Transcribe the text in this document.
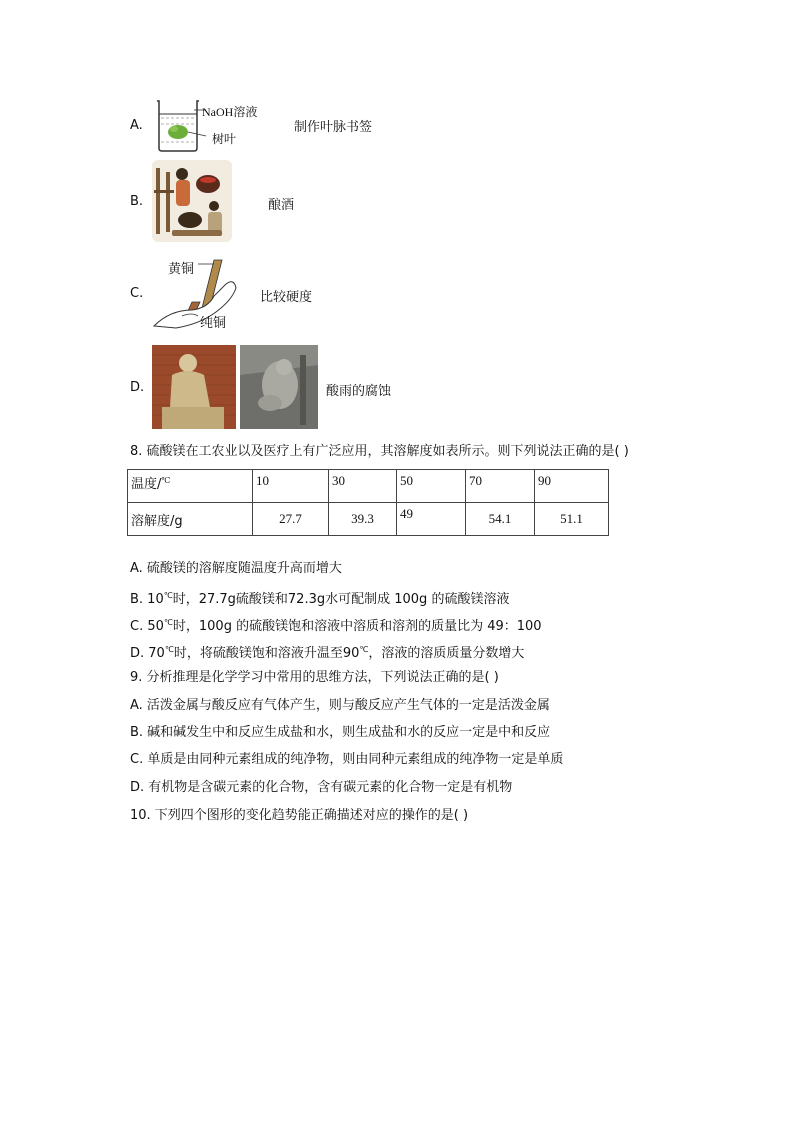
A.
NaOH溶液
树叶
制作叶脉书签
B.	酿酒
C.
黄铜
纯铜
比较硬度
D.	酸雨的腐蚀
8. 硫酸镁在工农业以及医疗上有广泛应用，其溶解度如表所示。则下列说法正确的是( )
温度/℃	10	30	50	70	90
溶解度/g	27.7	39.3	49	54.1	51.1
A. 硫酸镁的溶解度随温度升高而增大
B. 10℃时，27.7g硫酸镁和72.3g水可配制成 100g 的硫酸镁溶液
C. 50℃时，100g 的硫酸镁饱和溶液中溶质和溶剂的质量比为 49：100
D. 70℃时，将硫酸镁饱和溶液升温至90℃，溶液的溶质质量分数增大
9. 分析推理是化学学习中常用的思维方法，下列说法正确的是( )
A. 活泼金属与酸反应有气体产生，则与酸反应产生气体的一定是活泼金属
B. 碱和碱发生中和反应生成盐和水，则生成盐和水的反应一定是中和反应
C. 单质是由同种元素组成的纯净物，则由同种元素组成的纯净物一定是单质
D. 有机物是含碳元素的化合物，含有碳元素的化合物一定是有机物
10. 下列四个图形的变化趋势能正确描述对应的操作的是( )
